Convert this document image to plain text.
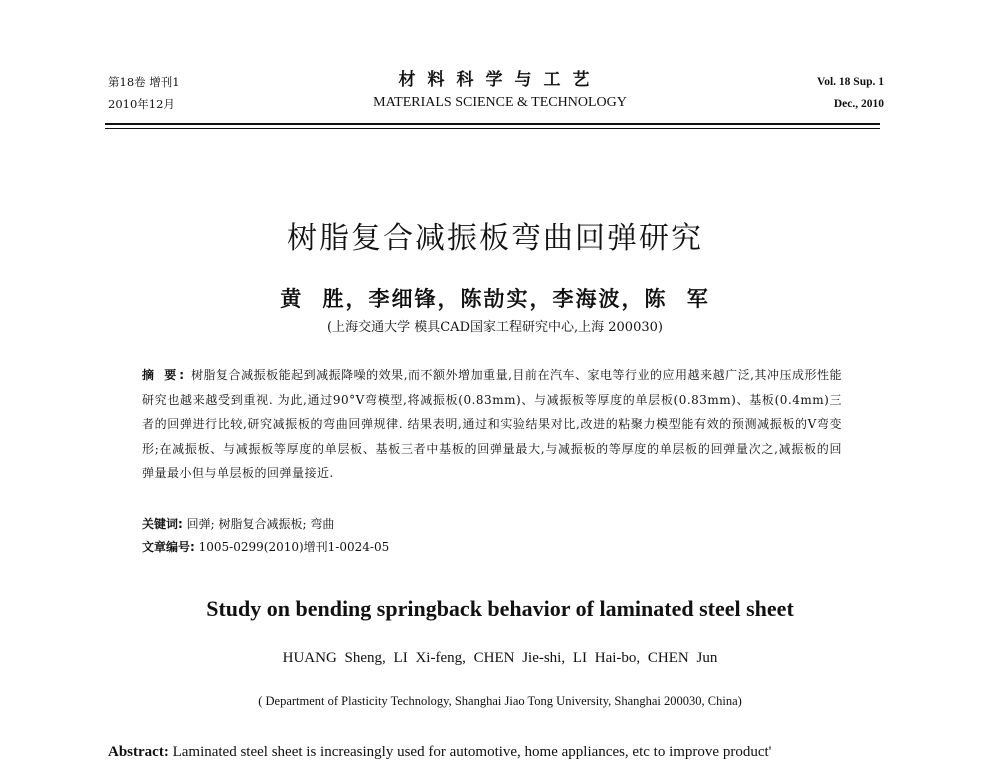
第18卷 增刊1
2010年12月
材料科学与工艺
MATERIALS SCIENCE & TECHNOLOGY
Vol. 18 Sup. 1
Dec., 2010
树脂复合减振板弯曲回弹研究
黄 胜，李细锋，陈劼实，李海波，陈 军
(上海交通大学 模具CAD国家工程研究中心,上海 200030)
摘 要: 树脂复合减振板能起到减振降噪的效果,而不额外增加重量,目前在汽车、家电等行业的应用越来越广泛,其冲压成形性能研究也越来越受到重视. 为此,通过90°V弯模型,将减振板(0.83mm)、与减振板等厚度的单层板(0.83mm)、基板(0.4mm)三者的回弹进行比较,研究减振板的弯曲回弹规律. 结果表明,通过和实验结果对比,改进的粘聚力模型能有效的预测减振板的V弯变形;在减振板、与减振板等厚度的单层板、基板三者中基板的回弹量最大,与减振板的等厚度的单层板的回弹量次之,减振板的回弹量最小但与单层板的回弹量接近.
关键词: 回弹; 树脂复合减振板; 弯曲
文章编号: 1005-0299(2010)增刊1-0024-05
Study on bending springback behavior of laminated steel sheet
HUANG Sheng, LI Xi-feng, CHEN Jie-shi, LI Hai-bo, CHEN Jun
( Department of Plasticity Technology, Shanghai Jiao Tong University, Shanghai 200030, China)
Abstract: Laminated steel sheet is increasingly used for automotive, home appliances, etc to improve product'
